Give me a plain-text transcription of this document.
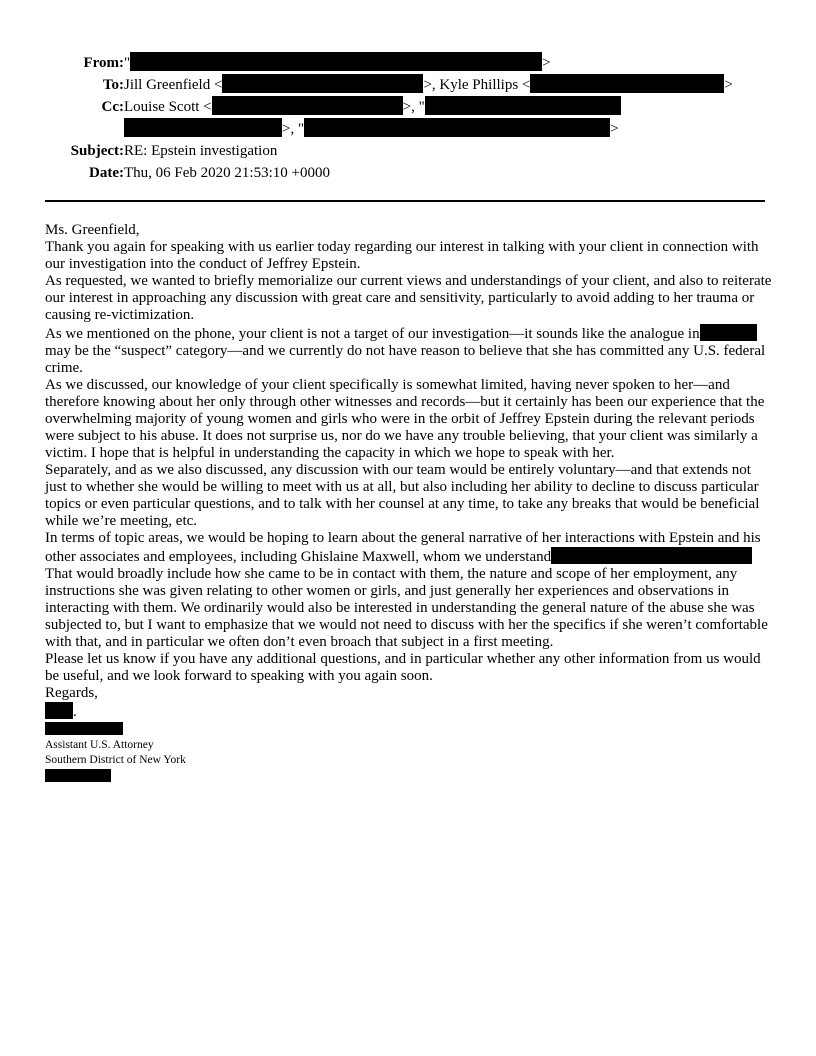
From: "	>
To: Jill Greenfield <	>, Kyle Phillips <	>
Cc: Louise Scott <	>, "
>, "	>
Subject: RE: Epstein investigation
Date: Thu, 06 Feb 2020 21:53:10 +0000

Ms. Greenfield,

Thank you again for speaking with us earlier today regarding our interest in talking with your client in connection with our investigation into the conduct of Jeffrey Epstein.

As requested, we wanted to briefly memorialize our current views and understandings of your client, and also to reiterate our interest in approaching any discussion with great care and sensitivity, particularly to avoid adding to her trauma or causing re-victimization.

As we mentioned on the phone, your client is not a target of our investigation—it sounds like the analogue inmay be the “suspect” category—and we currently do not have reason to believe that she has committed any U.S. federal crime.

As we discussed, our knowledge of your client specifically is somewhat limited, having never spoken to her—and therefore knowing about her only through other witnesses and records—but it certainly has been our experience that the overwhelming majority of young women and girls who were in the orbit of Jeffrey Epstein during the relevant periods were subject to his abuse. It does not surprise us, nor do we have any trouble believing, that your client was similarly a victim. I hope that is helpful in understanding the capacity in which we hope to speak with her.

Separately, and as we also discussed, any discussion with our team would be entirely voluntary—and that extends not just to whether she would be willing to meet with us at all, but also including her ability to decline to discuss particular topics or even particular questions, and to talk with her counsel at any time, to take any breaks that would be beneficial while we’re meeting, etc.

In terms of topic areas, we would be hoping to learn about the general narrative of her interactions with Epstein and his other associates and employees, including Ghislaine Maxwell, whom we understand That would broadly include how she came to be in contact with them, the nature and scope of her employment, any instructions she was given relating to other women or girls, and just generally her experiences and observations in interacting with them. We ordinarily would also be interested in understanding the general nature of the abuse she was subjected to, but I want to emphasize that we would not need to discuss with her the specifics if she weren’t comfortable with that, and in particular we often don’t even broach that subject in a first meeting.

Please let us know if you have any additional questions, and in particular whether any other information from us would be useful, and we look forward to speaking with you again soon.

Regards,

.

Assistant U.S. Attorney
Southern District of New York
